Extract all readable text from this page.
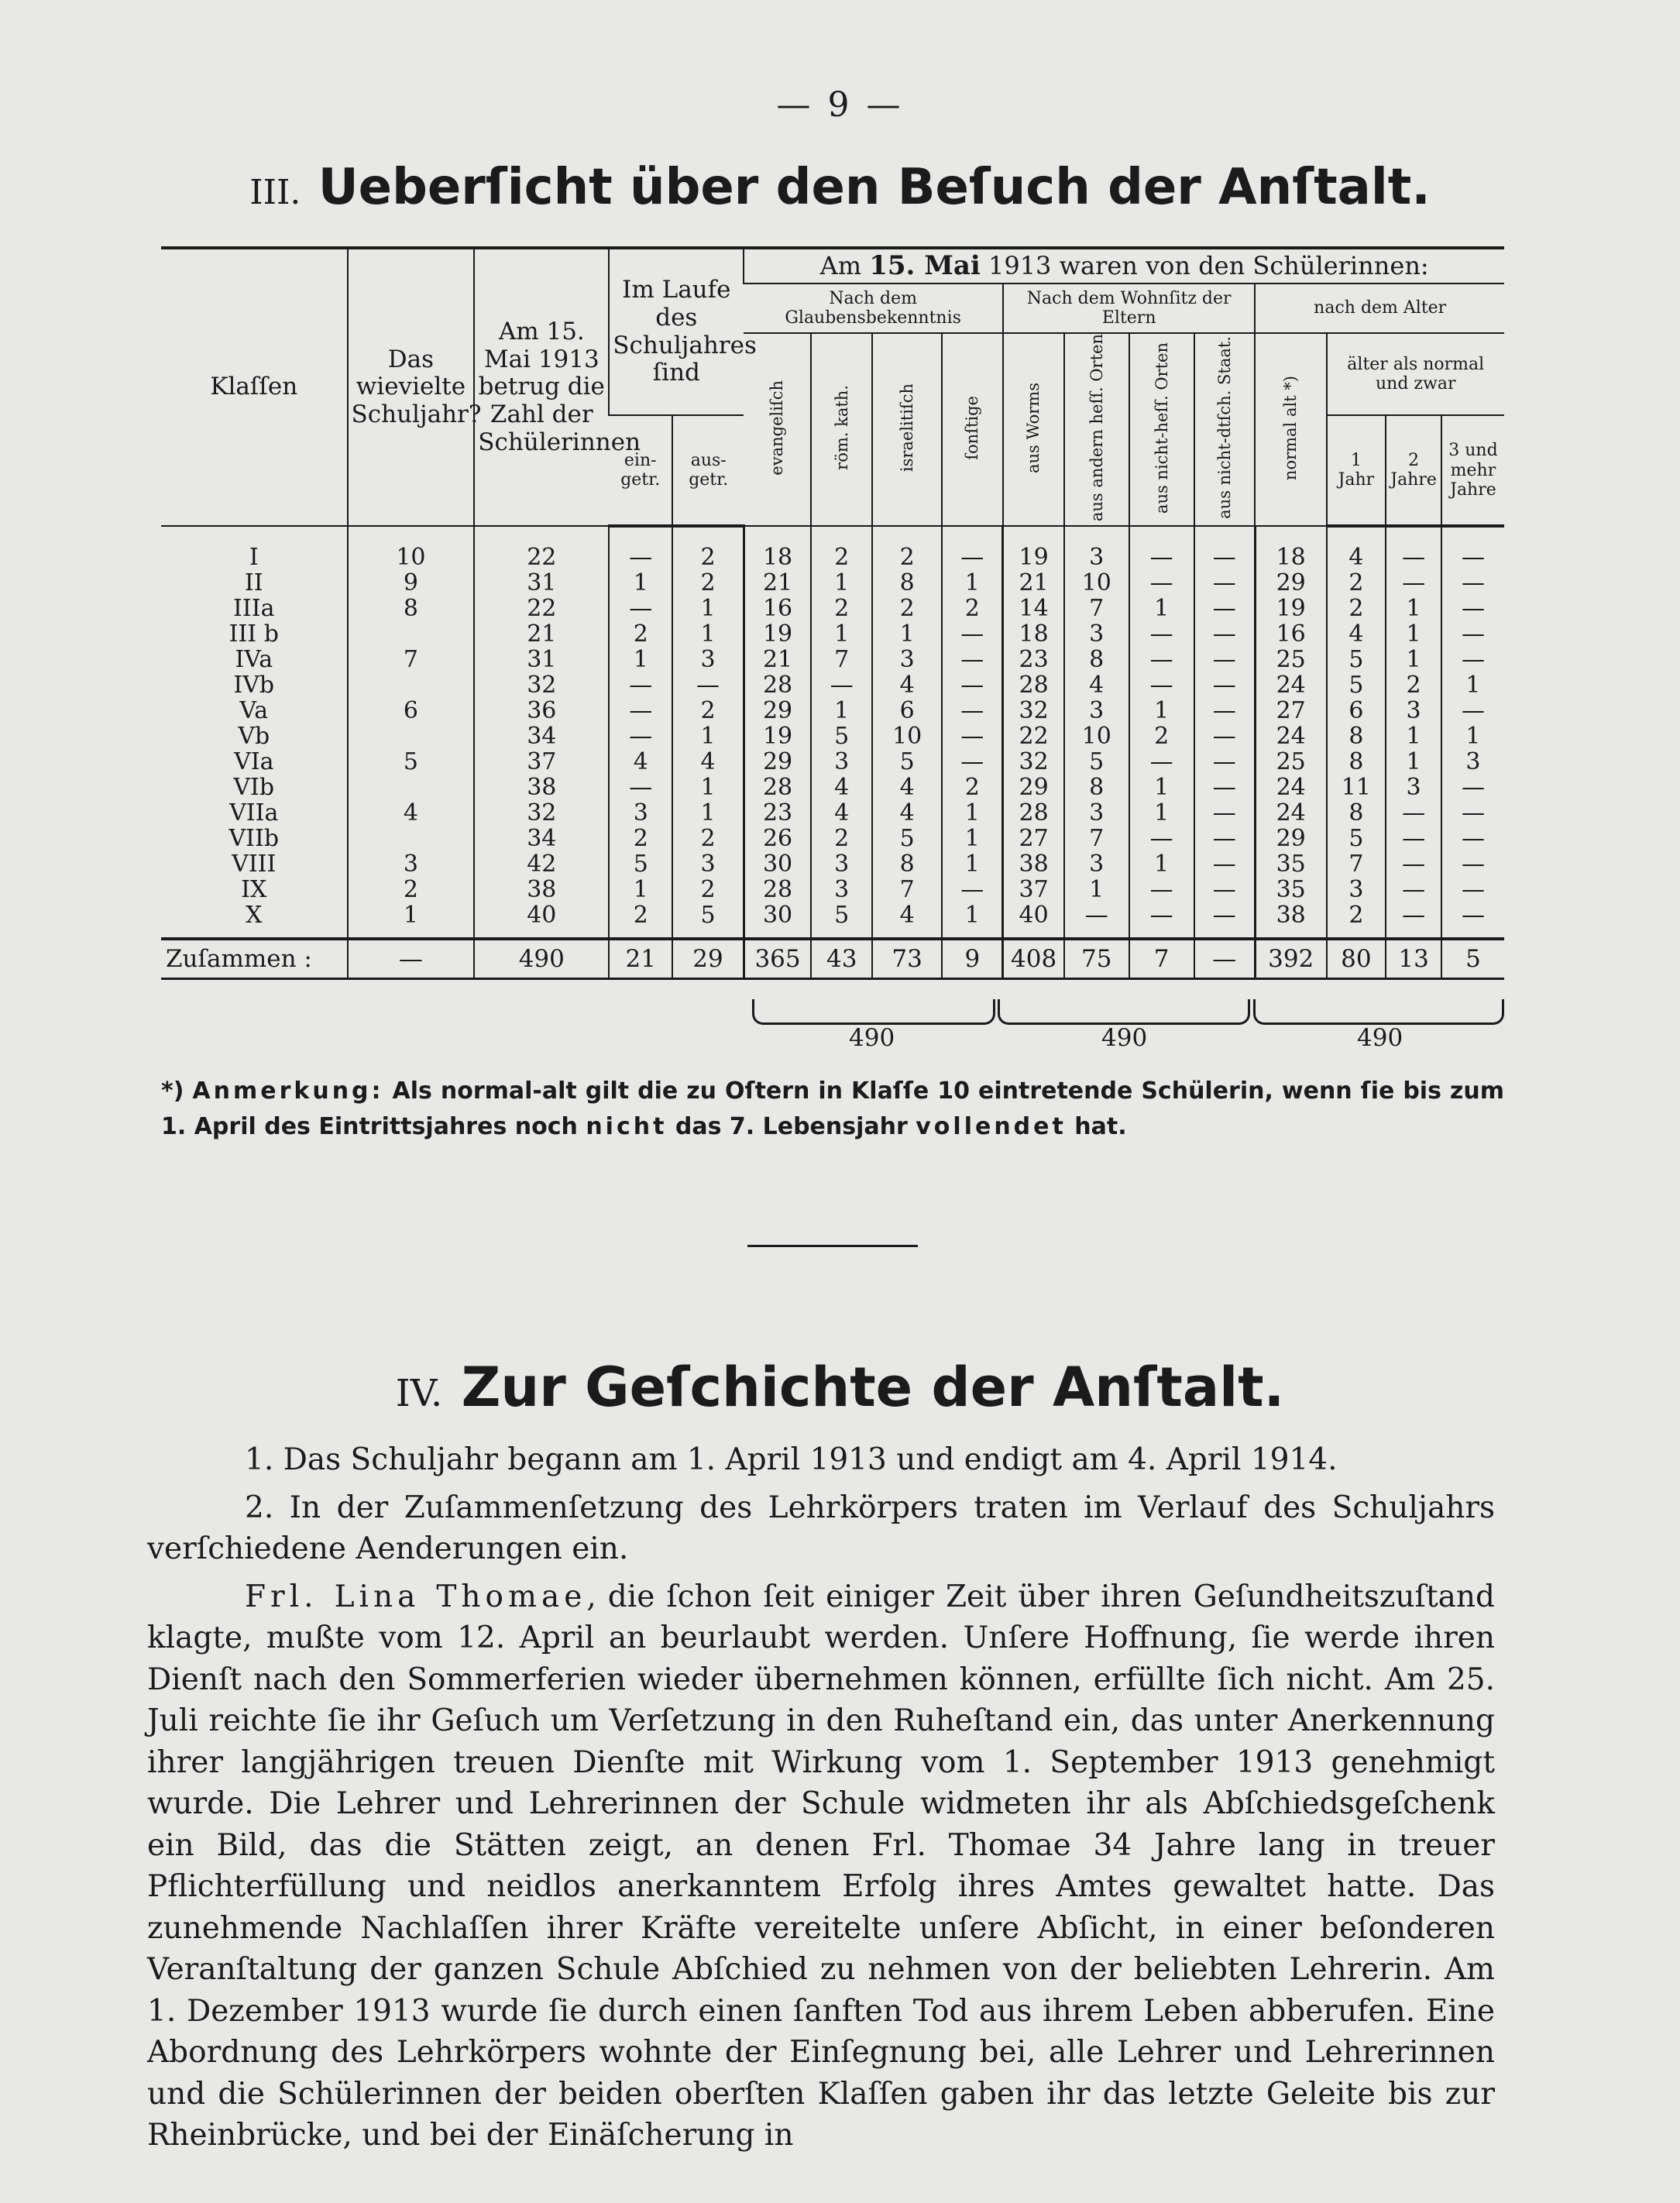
— 9 —
III. Ueberſicht über den Beſuch der Anſtalt.
Klaſſen	Das wievielte Schuljahr?	Am 15. Mai 1913 betrug die Zahl der Schülerinnen	Im Laufe des Schuljahres ſind		Am 15. Mai 1913 waren von den Schülerinnen:											
					Nach dem Glaubensbekenntnis				Nach dem Wohnſitz der Eltern				nach dem Alter			
					evangeliſch	röm. kath.	israelitiſch	ſonſtige	aus Worms	aus andern heſſ. Orten	aus nicht-heſſ. Orten	aus nicht-dtſch. Staat.	normal alt *)	älter als normal und zwar		
			ein- getr.	aus- getr.										1 Jahr	2 Jahre	3 und mehr Jahre
I	10	22	—	2	18	2	2	—	19	3	—	—	18	4	—	—
II	9	31	1	2	21	1	8	1	21	10	—	—	29	2	—	—
IIIa	8	22	—	1	16	2	2	2	14	7	1	—	19	2	1	—
III b		21	2	1	19	1	1	—	18	3	—	—	16	4	1	—
IVa	7	31	1	3	21	7	3	—	23	8	—	—	25	5	1	—
IVb		32	—	—	28	—	4	—	28	4	—	—	24	5	2	1
Va	6	36	—	2	29	1	6	—	32	3	1	—	27	6	3	—
Vb		34	—	1	19	5	10	—	22	10	2	—	24	8	1	1
VIa	5	37	4	4	29	3	5	—	32	5	—	—	25	8	1	3
VIb		38	—	1	28	4	4	2	29	8	1	—	24	11	3	—
VIIa	4	32	3	1	23	4	4	1	28	3	1	—	24	8	—	—
VIIb		34	2	2	26	2	5	1	27	7	—	—	29	5	—	—
VIII	3	42	5	3	30	3	8	1	38	3	1	—	35	7	—	—
IX	2	38	1	2	28	3	7	—	37	1	—	—	35	3	—	—
X	1	40	2	5	30	5	4	1	40	—	—	—	38	2	—	—
Zuſammen :	—	490	21	29	365	43	73	9	408	75	7	—	392	80	13	5
490	490	490
*) Anmerkung: Als normal-alt gilt die zu Oſtern in Klaſſe 10 eintretende Schülerin, wenn ſie bis zum 1. April des Eintrittsjahres noch nicht das 7. Lebensjahr vollendet hat.
IV. Zur Geſchichte der Anſtalt.

1. Das Schuljahr begann am 1. April 1913 und endigt am 4. April 1914.

2. In der Zuſammenſetzung des Lehrkörpers traten im Verlauf des Schuljahrs verſchiedene Aenderungen ein.

Frl. Lina Thomae, die ſchon ſeit einiger Zeit über ihren Geſundheitszuſtand klagte, mußte vom 12. April an beurlaubt werden. Unſere Hoffnung, ſie werde ihren Dienſt nach den Sommerferien wieder übernehmen können, erfüllte ſich nicht. Am 25. Juli reichte ſie ihr Geſuch um Verſetzung in den Ruheſtand ein, das unter Anerkennung ihrer langjährigen treuen Dienſte mit Wirkung vom 1. September 1913 genehmigt wurde. Die Lehrer und Lehrerinnen der Schule widmeten ihr als Abſchiedsgeſchenk ein Bild, das die Stätten zeigt, an denen Frl. Thomae 34 Jahre lang in treuer Pflichterfüllung und neidlos anerkanntem Erfolg ihres Amtes gewaltet hatte. Das zunehmende Nachlaſſen ihrer Kräfte vereitelte unſere Abſicht, in einer beſonderen Veranſtaltung der ganzen Schule Abſchied zu nehmen von der beliebten Lehrerin. Am 1. Dezember 1913 wurde ſie durch einen ſanften Tod aus ihrem Leben abberufen. Eine Abordnung des Lehrkörpers wohnte der Einſegnung bei, alle Lehrer und Lehrerinnen und die Schülerinnen der beiden oberſten Klaſſen gaben ihr das letzte Geleite bis zur Rheinbrücke, und bei der Einäſcherung in
